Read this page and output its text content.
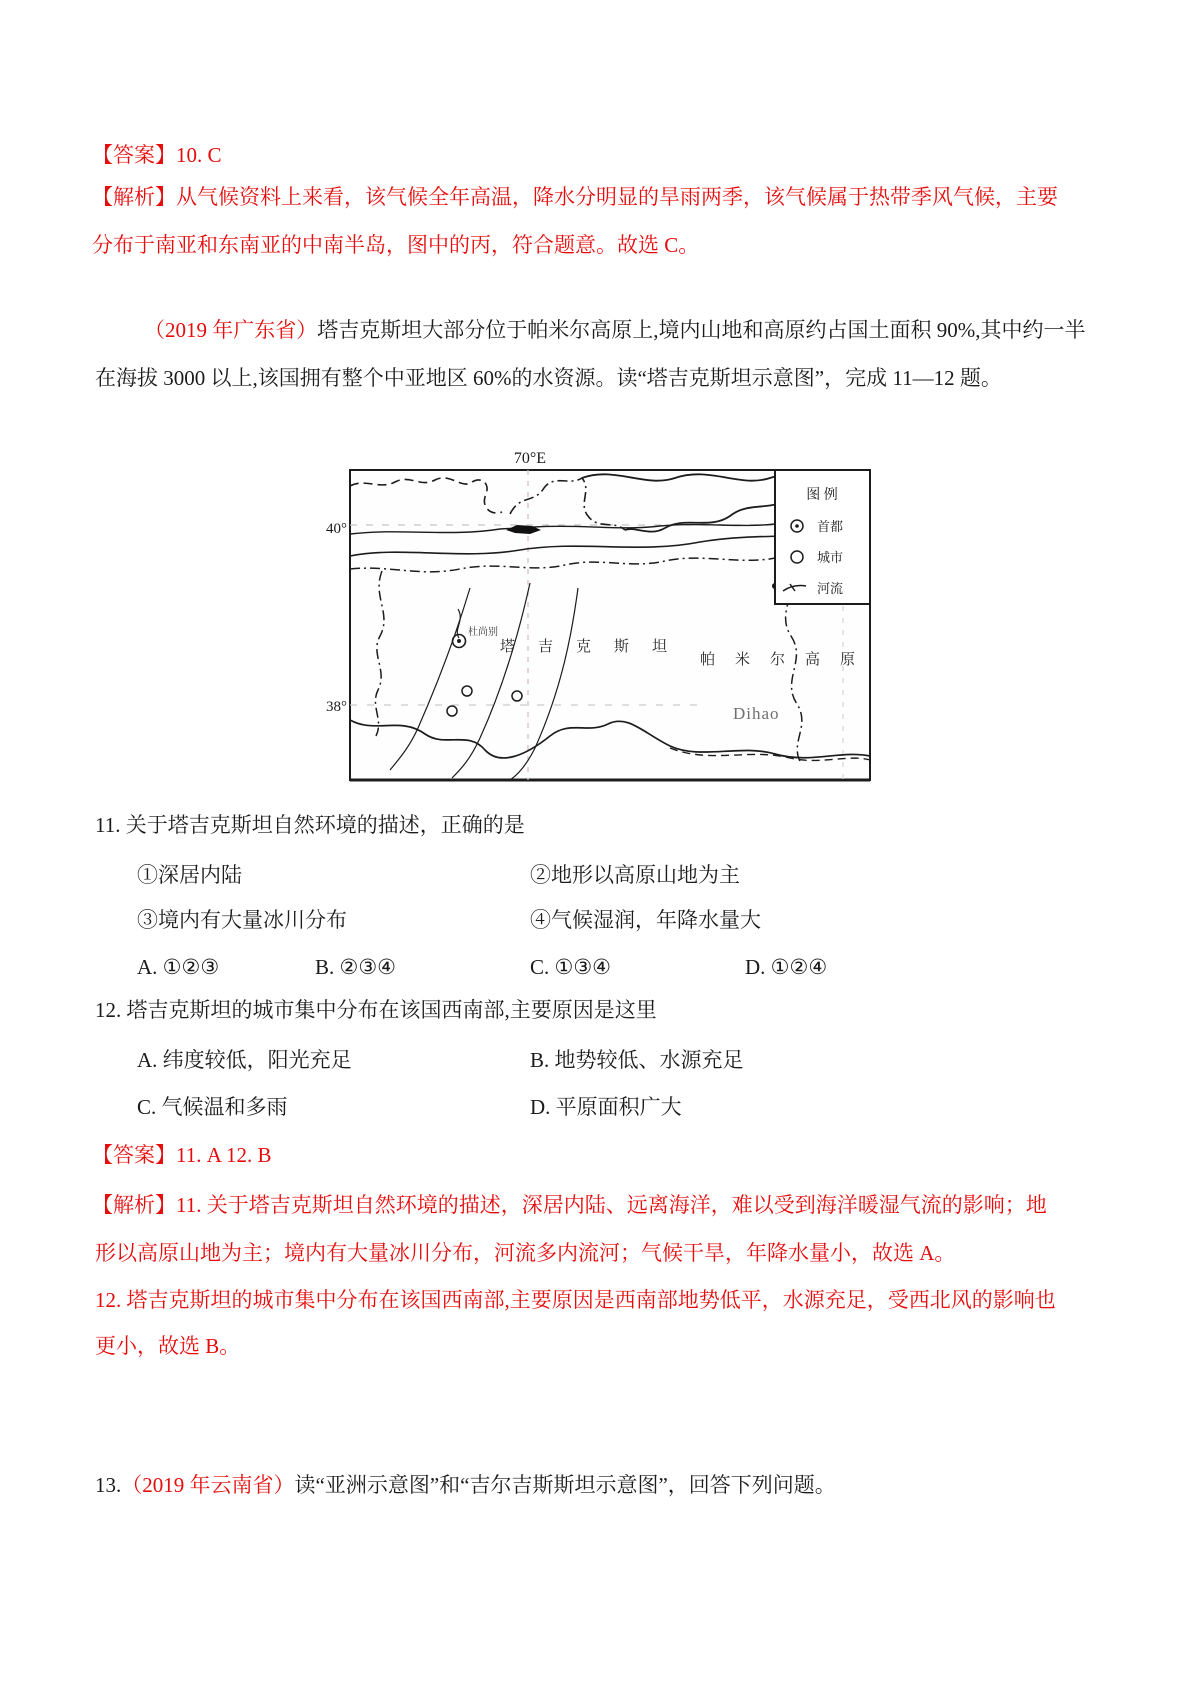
【答案】10. C
【解析】从气候资料上来看，该气候全年高温，降水分明显的旱雨两季，该气候属于热带季风气候，主要
分布于南亚和东南亚的中南半岛，图中的丙，符合题意。故选 C。
（2019 年广东省）塔吉克斯坦大部分位于帕米尔高原上,境内山地和高原约占国土面积 90%,其中约一半
在海拔 3000 以上,该国拥有整个中亚地区 60%的水资源。读“塔吉克斯坦示意图”，完成 11—12 题。
70°E
40°
38°
杜尚别
塔吉克斯坦
帕米尔高原
Dihao
图 例
首都
城市
河流
11. 关于塔吉克斯坦自然环境的描述，正确的是
①深居内陆	②地形以高原山地为主
③境内有大量冰川分布	④气候湿润，年降水量大
A. ①②③	B. ②③④	C. ①③④	D. ①②④
12. 塔吉克斯坦的城市集中分布在该国西南部,主要原因是这里
A. 纬度较低，阳光充足	B. 地势较低、水源充足
C. 气候温和多雨	D. 平原面积广大
【答案】11. A 12. B
【解析】11. 关于塔吉克斯坦自然环境的描述，深居内陆、远离海洋，难以受到海洋暖湿气流的影响；地
形以高原山地为主；境内有大量冰川分布，河流多内流河；气候干旱，年降水量小，故选 A。
12. 塔吉克斯坦的城市集中分布在该国西南部,主要原因是西南部地势低平，水源充足，受西北风的影响也
更小，故选 B。
13.（2019 年云南省）读“亚洲示意图”和“吉尔吉斯斯坦示意图”，回答下列问题。
